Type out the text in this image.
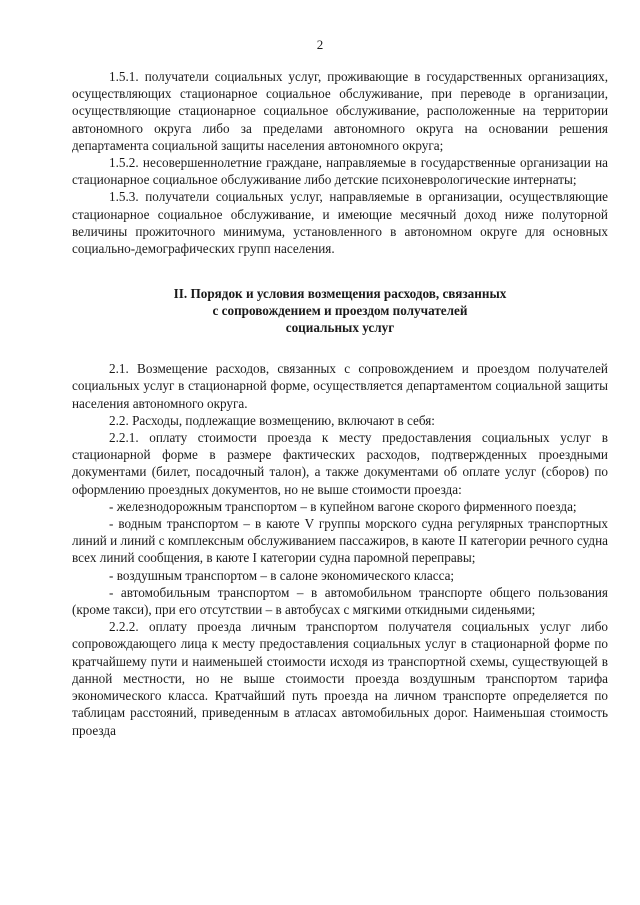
2

1.5.1. получатели социальных услуг, проживающие в государственных организациях, осуществляющих стационарное социальное обслуживание, при переводе в организации, осуществляющие стационарное социальное обслуживание, расположенные на территории автономного округа либо за пределами автономного округа на основании решения департамента социальной защиты населения автономного округа;

1.5.2. несовершеннолетние граждане, направляемые в государственные организации на стационарное социальное обслуживание либо детские психоневрологические интернаты;

1.5.3. получатели социальных услуг, направляемые в организации, осуществляющие стационарное социальное обслуживание, и имеющие месячный доход ниже полуторной величины прожиточного минимума, установленного в автономном округе для основных социально-демографических групп населения.

II. Порядок и условия возмещения расходов, связанных
с сопровождением и проездом получателей
социальных услуг

2.1. Возмещение расходов, связанных с сопровождением и проездом получателей социальных услуг в стационарной форме, осуществляется департаментом социальной защиты населения автономного округа.

2.2. Расходы, подлежащие возмещению, включают в себя:

2.2.1. оплату стоимости проезда к месту предоставления социальных услуг в стационарной форме в размере фактических расходов, подтвержденных проездными документами (билет, посадочный талон), а также документами об оплате услуг (сборов) по оформлению проездных документов, но не выше стоимости проезда:

- железнодорожным транспортом – в купейном вагоне скорого фирменного поезда;

- водным транспортом – в каюте V группы морского судна регулярных транспортных линий и линий с комплексным обслуживанием пассажиров, в каюте II категории речного судна всех линий сообщения, в каюте I категории судна паромной переправы;

- воздушным транспортом – в салоне экономического класса;

- автомобильным транспортом – в автомобильном транспорте общего пользования (кроме такси), при его отсутствии – в автобусах с мягкими откидными сиденьями;

2.2.2. оплату проезда личным транспортом получателя социальных услуг либо сопровождающего лица к месту предоставления социальных услуг в стационарной форме по кратчайшему пути и наименьшей стоимости исходя из транспортной схемы, существующей в данной местности, но не выше стоимости проезда воздушным транспортом тарифа экономического класса. Кратчайший путь проезда на личном транспорте определяется по таблицам расстояний, приведенным в атласах автомобильных дорог. Наименьшая стоимость проезда
